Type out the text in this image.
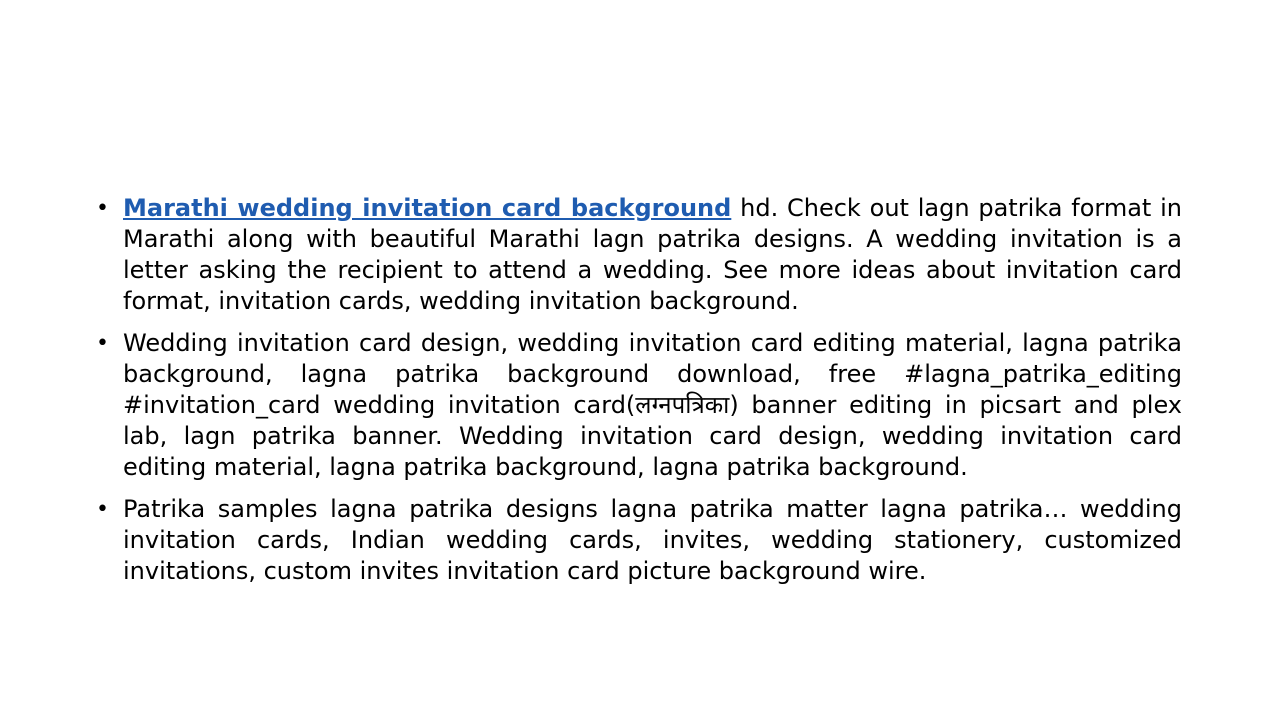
• Marathi wedding invitation card background hd. Check out lagn patrika format in Marathi along with beautiful Marathi lagn patrika designs. A wedding invitation is a letter asking the recipient to attend a wedding. See more ideas about invitation card format, invitation cards, wedding invitation background.
• Wedding invitation card design, wedding invitation card editing material, lagna patrika background, lagna patrika background download, free #lagna_patrika_editing #invitation_card wedding invitation card(लग्नपत्रिका) banner editing in picsart and plex lab, lagn patrika banner. Wedding invitation card design, wedding invitation card editing material, lagna patrika background, lagna patrika background.
• Patrika samples lagna patrika designs lagna patrika matter lagna patrika… wedding invitation cards, Indian wedding cards, invites, wedding stationery, customized invitations, custom invites invitation card picture background wire.
